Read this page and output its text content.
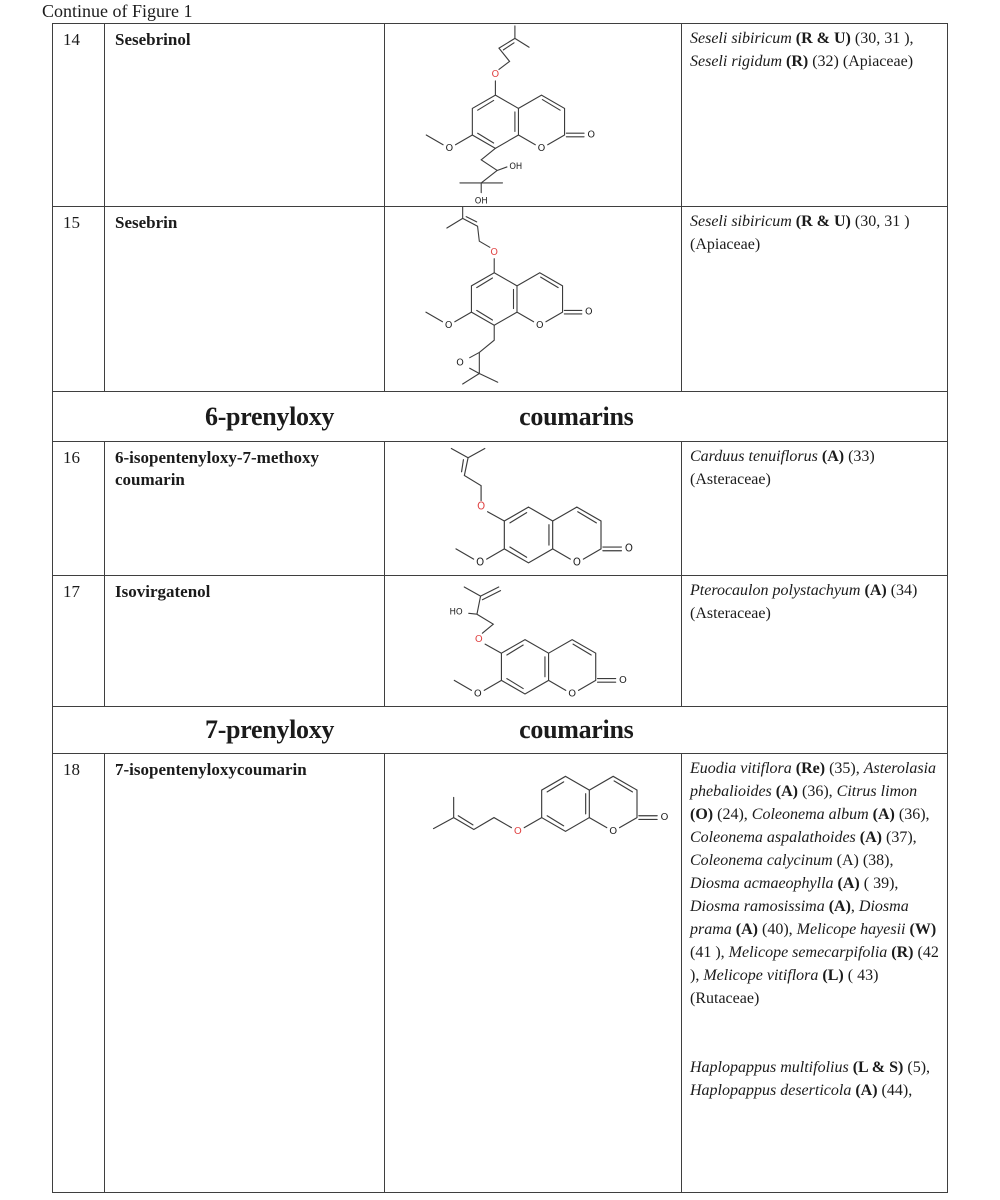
Continue of Figure 1
14	Sesebrinol
O
O	O
O
OH
OH
Seseli sibiricum (R & U) (30, 31 ), Seseli rigidum (R) (32) (Apiaceae)
15	Sesebrin
O
O	O
O
O
Seseli sibiricum (R & U) (30, 31 ) (Apiaceae)
6-prenyloxy	coumarins
16	6-isopentenyloxy-7-methoxy coumarin
O
O	O
O
Carduus tenuiflorus (A) (33) (Asteraceae)
17	Isovirgatenol
O
O	O
O
HO
Pterocaulon polystachyum (A) (34) (Asteraceae)
7-prenyloxy	coumarins
18	7-isopentenyloxycoumarin
O	O
O
Euodia vitiflora (Re) (35), Asterolasia phebalioides (A) (36), Citrus limon (O) (24), Coleonema album (A) (36), Coleonema aspalathoides (A) (37), Coleonema calycinum (A) (38), Diosma acmaeophylla (A) ( 39), Diosma ramosissima (A), Diosma prama (A) (40), Melicope hayesii (W) (41 ), Melicope semecarpifolia (R) (42 ), Melicope vitiflora (L) ( 43) (Rutaceae)
Haplopappus multifolius (L & S) (5), Haplopappus deserticola (A) (44),
